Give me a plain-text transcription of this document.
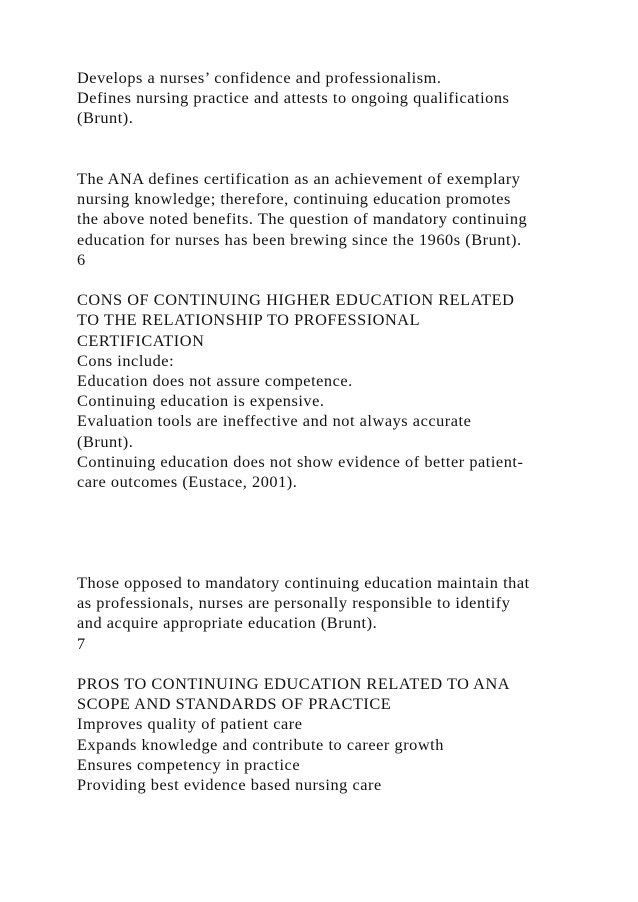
Develops a nurses’ confidence and professionalism.
Defines nursing practice and attests to ongoing qualifications
(Brunt).
The ANA defines certification as an achievement of exemplary
nursing knowledge; therefore, continuing education promotes
the above noted benefits. The question of mandatory continuing
education for nurses has been brewing since the 1960s (Brunt).
6
CONS OF CONTINUING HIGHER EDUCATION RELATED
TO THE RELATIONSHIP TO PROFESSIONAL
CERTIFICATION
Cons include:
Education does not assure competence.
Continuing education is expensive.
Evaluation tools are ineffective and not always accurate
(Brunt).
Continuing education does not show evidence of better patient-
care outcomes (Eustace, 2001).
Those opposed to mandatory continuing education maintain that
as professionals, nurses are personally responsible to identify
and acquire appropriate education (Brunt).
7
PROS TO CONTINUING EDUCATION RELATED TO ANA
SCOPE AND STANDARDS OF PRACTICE
Improves quality of patient care
Expands knowledge and contribute to career growth
Ensures competency in practice
Providing best evidence based nursing care
